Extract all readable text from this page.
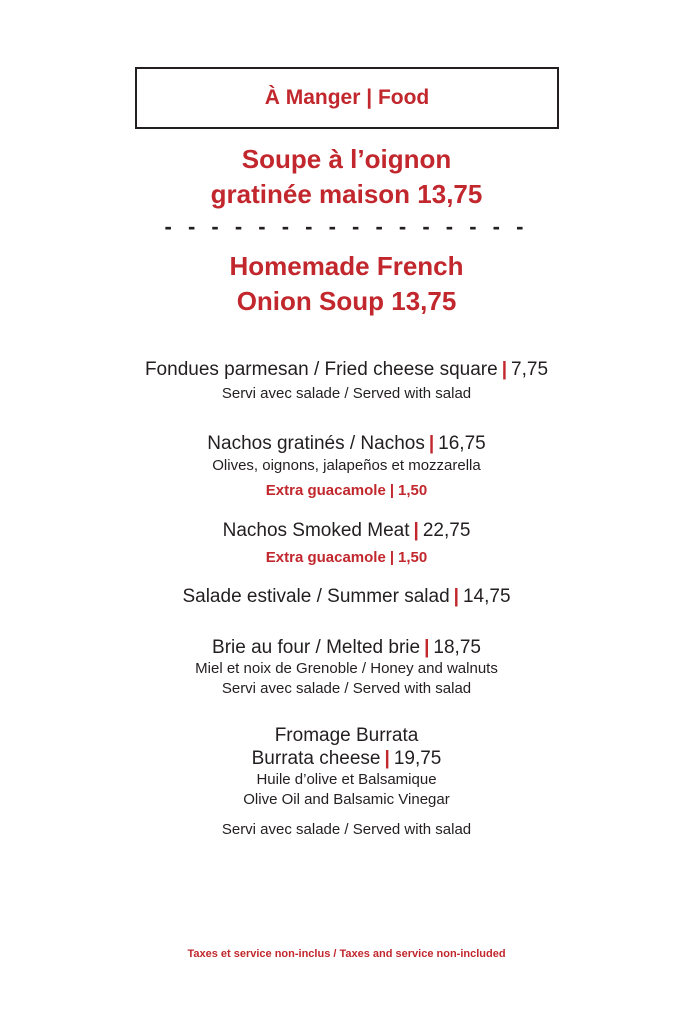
À Manger | Food
Soupe à l’oignon
gratinée maison 13,75
- - - - - - - - - - - - - - - -
Homemade French
Onion Soup 13,75
Fondues parmesan / Fried cheese square | 7,75
Servi avec salade / Served with salad
Nachos gratinés / Nachos | 16,75
Olives, oignons, jalapeños et mozzarella
Extra guacamole | 1,50
Nachos Smoked Meat | 22,75
Extra guacamole | 1,50
Salade estivale / Summer salad | 14,75
Brie au four / Melted brie | 18,75
Miel et noix de Grenoble / Honey and walnuts
Servi avec salade / Served with salad
Fromage Burrata
Burrata cheese | 19,75
Huile d’olive et Balsamique
Olive Oil and Balsamic Vinegar
Servi avec salade / Served with salad
Taxes et service non-inclus / Taxes and service non-included
